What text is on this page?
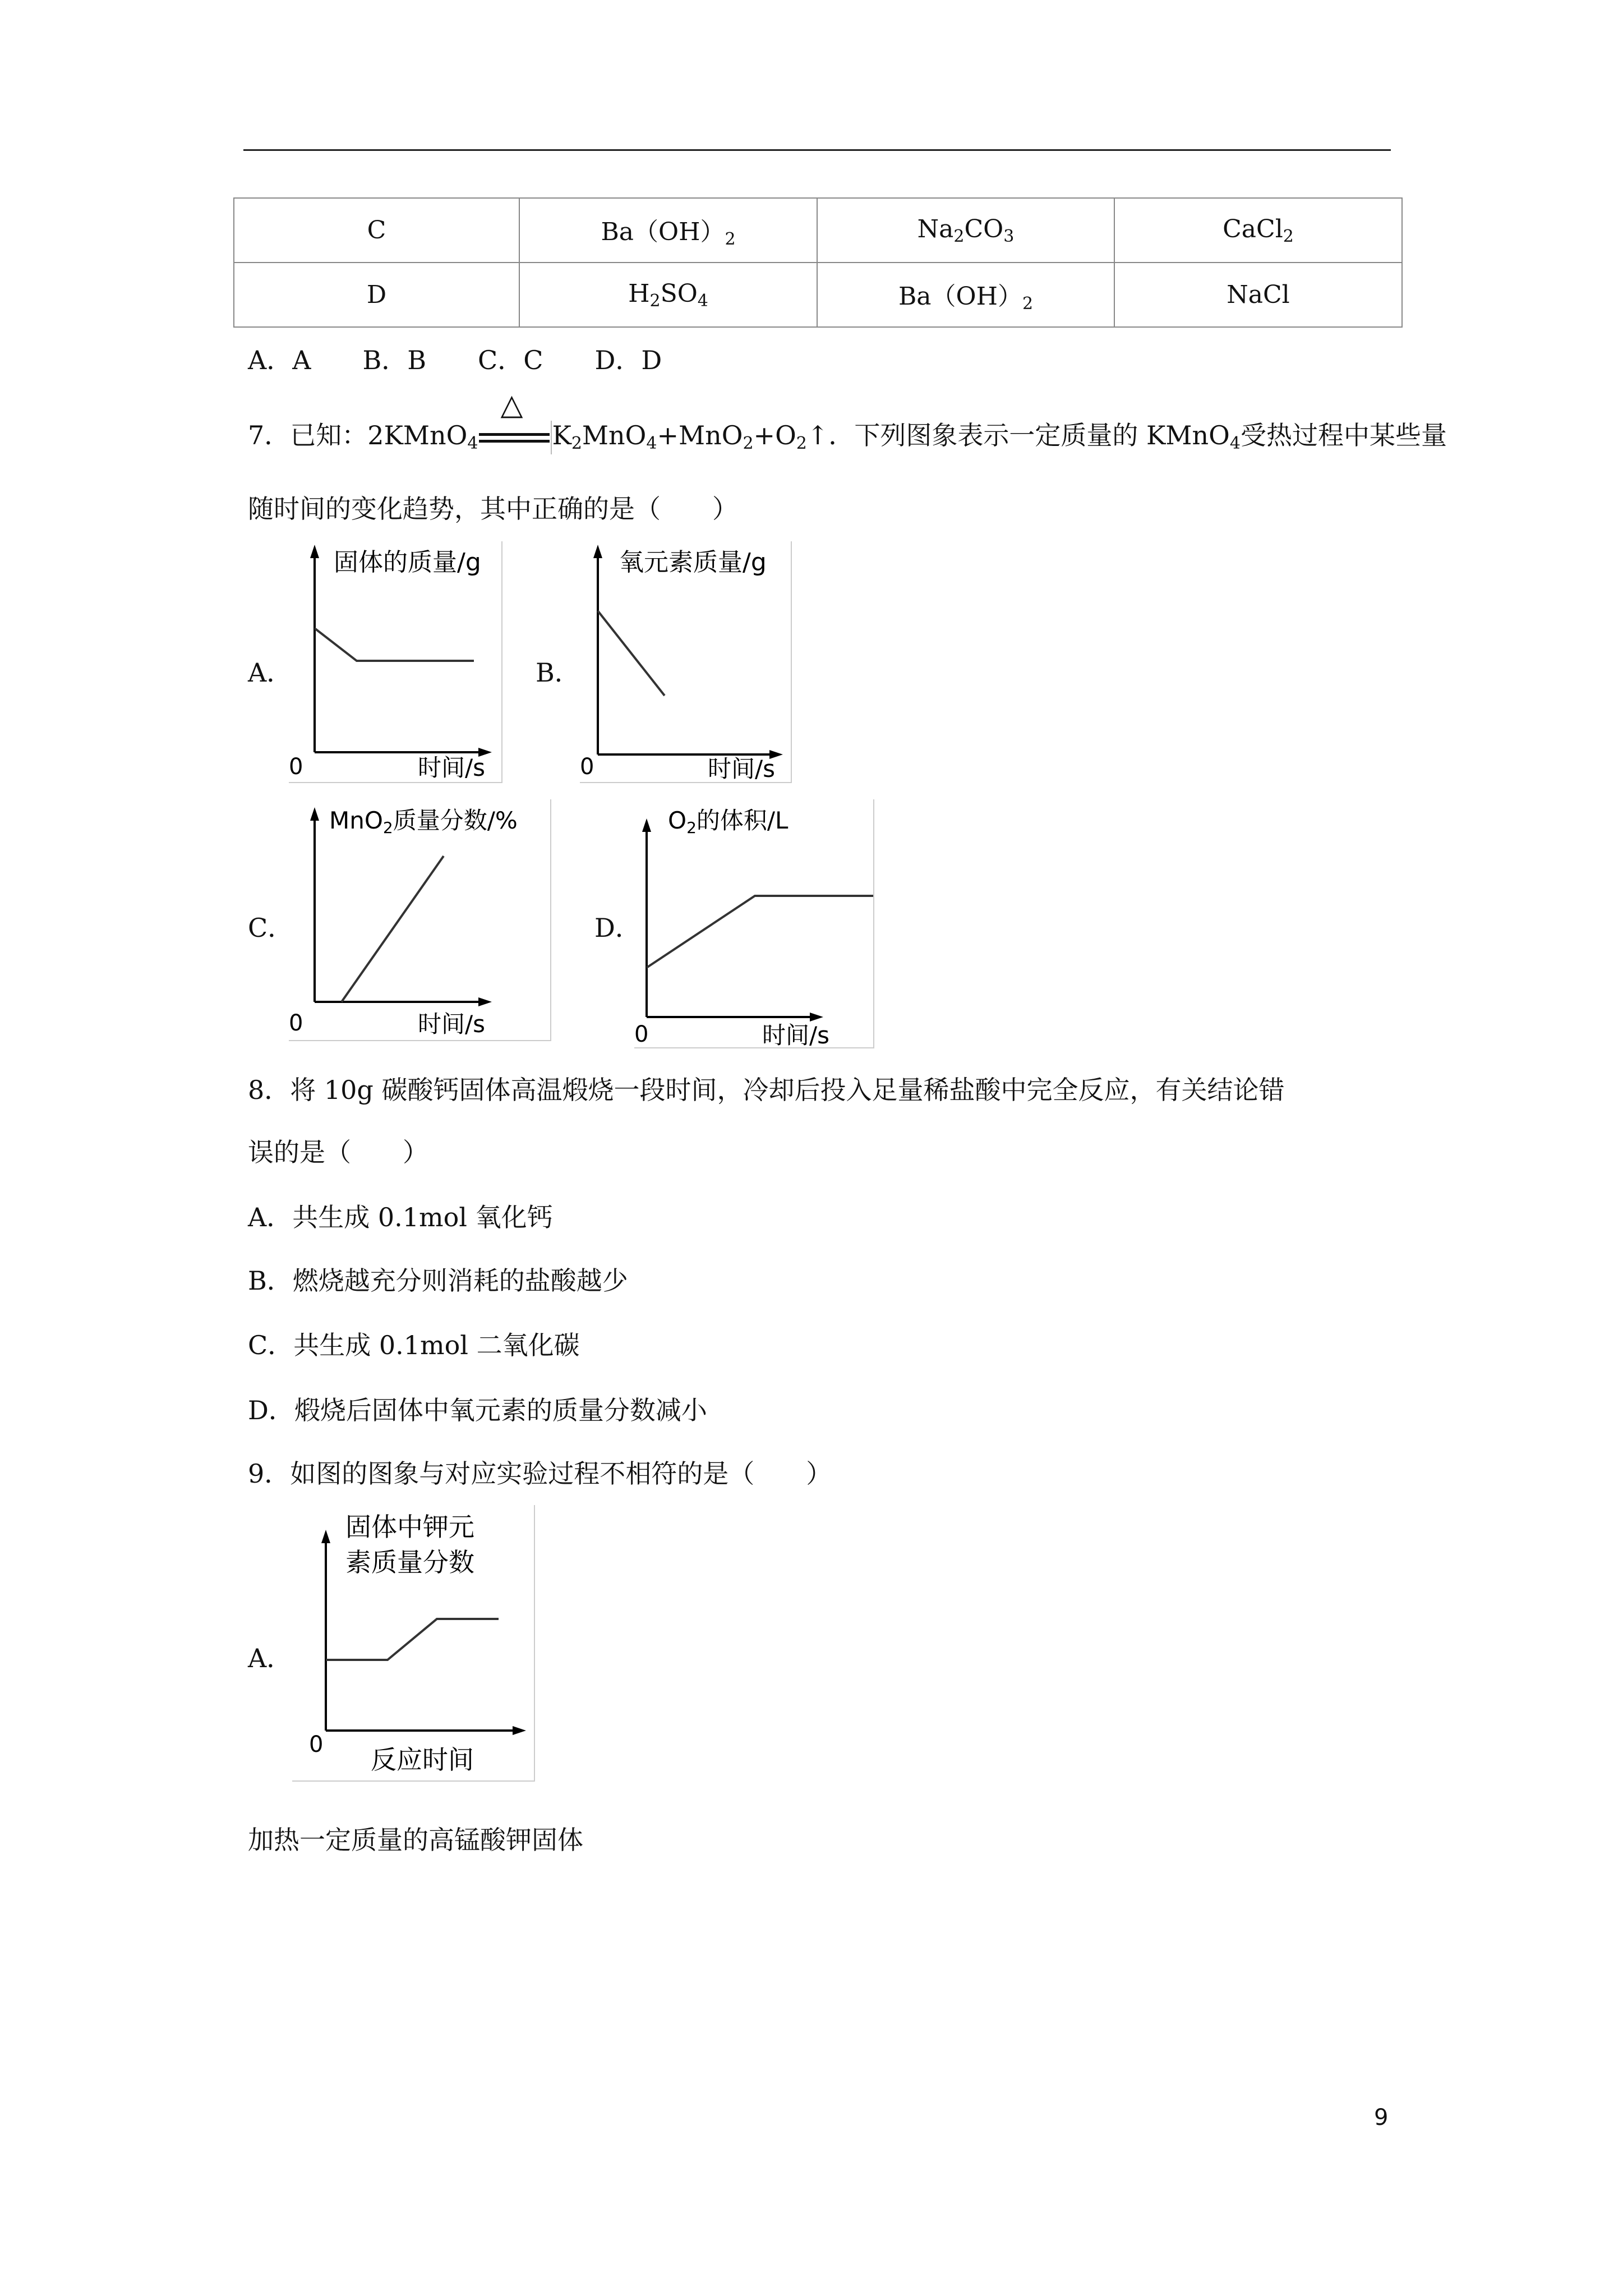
C	$Ba(OH)_2$	$Na_2CO_3$	CaCl$_2$
D	$H_2SO_4$	$Ba(OH)_2$	NaCl
A．A　　B．B　　C．C　　D．D
7．已知：2KMnO$_4$
△
$K_2MnO_4+MnO_2+O_2↑$．下列图象表示一定质量的 KMnO$_4$受热过程中某些量
随时间的变化趋势，其中正确的是（　　）
A．
固体的质量/g
0	时间/s
B．
氧元素质量/g
0	时间/s
C．
MnO2质量分数/%
0	时间/s
D．
O2的体积/L
0	时间/s
8．将 10g 碳酸钙固体高温煅烧一段时间，冷却后投入足量稀盐酸中完全反应，有关结论错
误的是（　　）
A．共生成 0.1mol 氧化钙
B．燃烧越充分则消耗的盐酸越少
C．共生成 0.1mol 二氧化碳
D．煅烧后固体中氧元素的质量分数减小
9．如图的图象与对应实验过程不相符的是（　　）
A．
固体中钾元
素质量分数
0 反应时间
加热一定质量的高锰酸钾固体
9
